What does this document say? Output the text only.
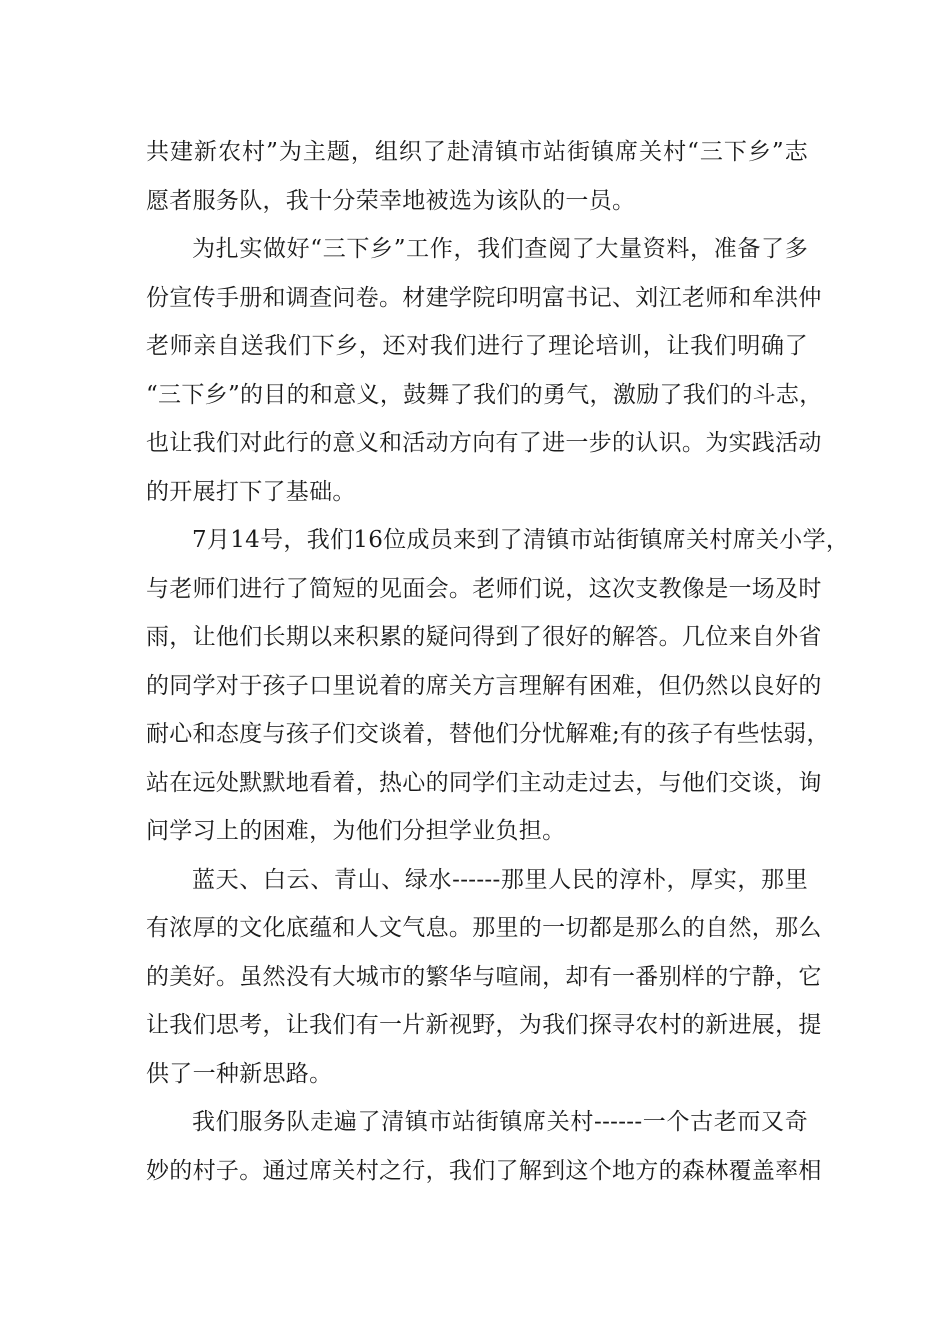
共建新农村”为主题，组织了赴清镇市站街镇席关村“三下乡”志
愿者服务队，我十分荣幸地被选为该队的一员。
为扎实做好“三下乡”工作，我们查阅了大量资料，准备了多
份宣传手册和调查问卷。材建学院印明富书记、刘江老师和牟洪仲
老师亲自送我们下乡，还对我们进行了理论培训，让我们明确了
“三下乡”的目的和意义，鼓舞了我们的勇气，激励了我们的斗志，
也让我们对此行的意义和活动方向有了进一步的认识。为实践活动
的开展打下了基础。
7月14号，我们16位成员来到了清镇市站街镇席关村席关小学，
与老师们进行了简短的见面会。老师们说，这次支教像是一场及时
雨，让他们长期以来积累的疑问得到了很好的解答。几位来自外省
的同学对于孩子口里说着的席关方言理解有困难，但仍然以良好的
耐心和态度与孩子们交谈着，替他们分忧解难;有的孩子有些怯弱，
站在远处默默地看着，热心的同学们主动走过去，与他们交谈，询
问学习上的困难，为他们分担学业负担。
蓝天、白云、青山、绿水------那里人民的淳朴，厚实，那里
有浓厚的文化底蕴和人文气息。那里的一切都是那么的自然，那么
的美好。虽然没有大城市的繁华与喧闹，却有一番别样的宁静，它
让我们思考，让我们有一片新视野，为我们探寻农村的新进展，提
供了一种新思路。
我们服务队走遍了清镇市站街镇席关村------一个古老而又奇
妙的村子。通过席关村之行，我们了解到这个地方的森林覆盖率相
